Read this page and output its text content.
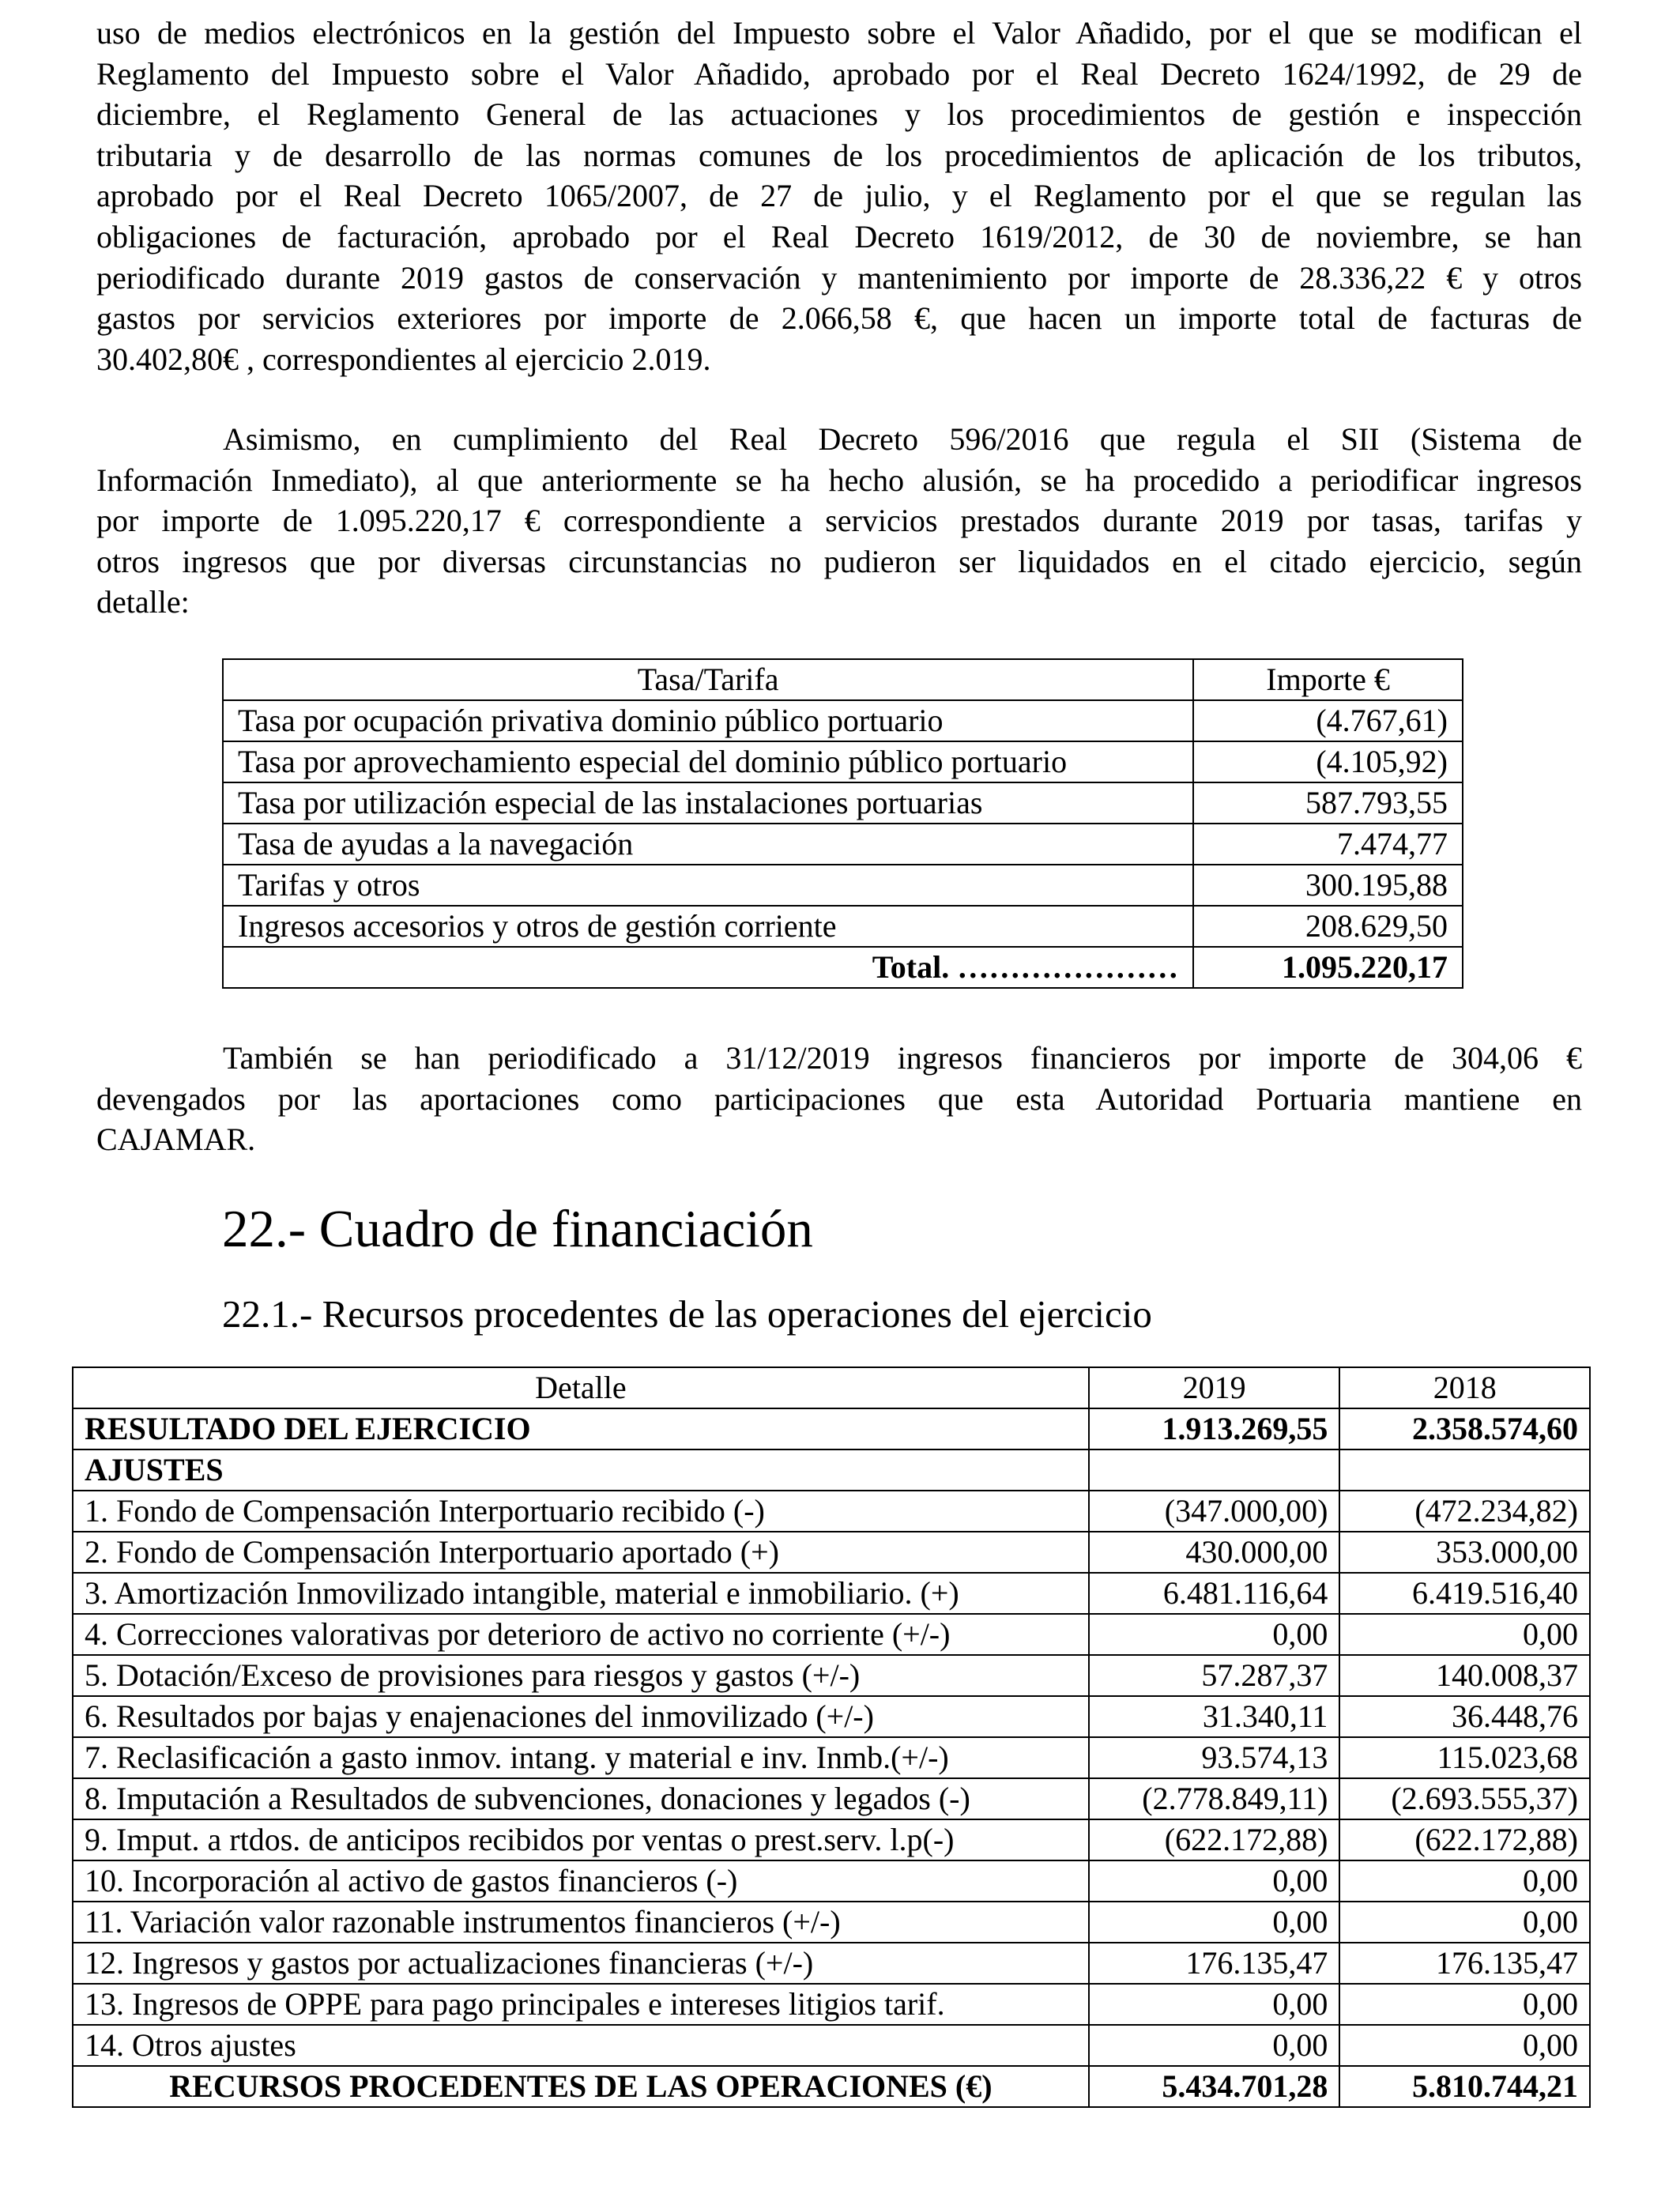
uso de medios electrónicos en la gestión del Impuesto sobre el Valor Añadido, por el que se modifican el
Reglamento del Impuesto sobre el Valor Añadido, aprobado por el Real Decreto 1624/1992, de 29 de
diciembre, el Reglamento General de las actuaciones y los procedimientos de gestión e inspección
tributaria y de desarrollo de las normas comunes de los procedimientos de aplicación de los tributos,
aprobado por el Real Decreto 1065/2007, de 27 de julio, y el Reglamento por el que se regulan las
obligaciones de facturación, aprobado por el Real Decreto 1619/2012, de 30 de noviembre, se han
periodificado durante 2019 gastos de conservación y mantenimiento por importe de 28.336,22 € y otros
gastos por servicios exteriores por importe de 2.066,58 €, que hacen un importe total de facturas de
30.402,80€ , correspondientes al ejercicio 2.019.
Asimismo, en cumplimiento del Real Decreto 596/2016 que regula el SII (Sistema de
Información Inmediato), al que anteriormente se ha hecho alusión, se ha procedido a periodificar ingresos
por importe de 1.095.220,17 € correspondiente a servicios prestados durante 2019 por tasas, tarifas y
otros ingresos que por diversas circunstancias no pudieron ser liquidados en el citado ejercicio, según
detalle:
Tasa/Tarifa	Importe €
Tasa por ocupación privativa dominio público portuario	(4.767,61)
Tasa por aprovechamiento especial del dominio público portuario	(4.105,92)
Tasa por utilización especial de las instalaciones portuarias	587.793,55
Tasa de ayudas a la navegación	7.474,77
Tarifas y otros	300.195,88
Ingresos accesorios y otros de gestión corriente	208.629,50
Total. …………………	1.095.220,17
También se han periodificado a 31/12/2019 ingresos financieros por importe de 304,06 €
devengados por las aportaciones como participaciones que esta Autoridad Portuaria mantiene en
CAJAMAR.
22.- Cuadro de financiación
22.1.- Recursos procedentes de las operaciones del ejercicio
Detalle	2019	2018
RESULTADO DEL EJERCICIO	1.913.269,55	2.358.574,60
AJUSTES		
1. Fondo de Compensación Interportuario recibido (-)	(347.000,00)	(472.234,82)
2. Fondo de Compensación Interportuario aportado (+)	430.000,00	353.000,00
3. Amortización Inmovilizado intangible, material e inmobiliario. (+)	6.481.116,64	6.419.516,40
4. Correcciones valorativas por deterioro de activo no corriente (+/-)	0,00	0,00
5. Dotación/Exceso de provisiones para riesgos y gastos (+/-)	57.287,37	140.008,37
6. Resultados por bajas y enajenaciones del inmovilizado (+/-)	31.340,11	36.448,76
7. Reclasificación a gasto inmov. intang. y material e inv. Inmb.(+/-)	93.574,13	115.023,68
8. Imputación a Resultados de subvenciones, donaciones y legados (-)	(2.778.849,11)	(2.693.555,37)
9. Imput. a rtdos. de anticipos recibidos por ventas o prest.serv. l.p(-)	(622.172,88)	(622.172,88)
10. Incorporación al activo de gastos financieros (-)	0,00	0,00
11. Variación valor razonable instrumentos financieros (+/-)	0,00	0,00
12. Ingresos y gastos por actualizaciones financieras (+/-)	176.135,47	176.135,47
13. Ingresos de OPPE para pago principales e intereses litigios tarif.	0,00	0,00
14. Otros ajustes	0,00	0,00
RECURSOS PROCEDENTES DE LAS OPERACIONES (€)	5.434.701,28	5.810.744,21
